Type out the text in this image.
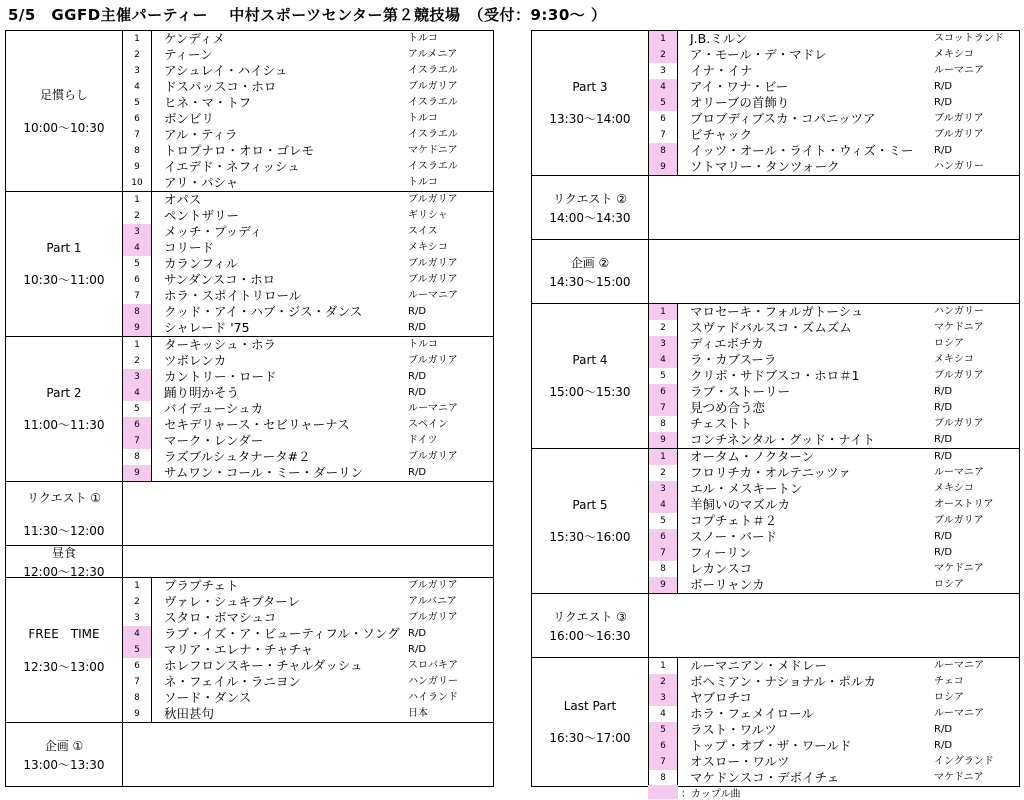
5/5　GGFD主催パーティー　 中村スポーツセンター第２競技場　（受付：9:30～ ）
足慣らし
10:00～10:30
1	ケンディメ	トルコ
2	ティーン	アルメニア
3	アシュレイ・ハイシュ	イスラエル
4	ドスパッスコ・ホロ	ブルガリア
5	ヒネ・マ・トフ	イスラエル
6	ボンビリ	トルコ
7	アル・ティラ	イスラエル
8	トロプナロ・オロ・ゴレモ	マケドニア
9	イエデド・ネフィッシュ	イスラエル
10	アリ・パシャ	トルコ
Part 1
10:30～11:00
1	オパス	ブルガリア
2	ペントザリー	ギリシャ
3	メッチ・プッディ	スイス
4	コリード	メキシコ
5	カランフィル	ブルガリア
6	サンダンスコ・ホロ	ブルガリア
7	ホラ・スポイトリロール	ルーマニア
8	クッド・アイ・ハブ・ジス・ダンス	R/D
9	シャレード '75	R/D
Part 2
11:00～11:30
1	ターキッシュ・ホラ	トルコ
2	ツボレンカ	ブルガリア
3	カントリー・ロード	R/D
4	踊り明かそう	R/D
5	バイデューシュカ	ルーマニア
6	セキデリャース・セビリャーナス	スペイン
7	マーク・レンダー	ドイツ
8	ラズブルシュタナータ#２	ブルガリア
9	サムワン・コール・ミー・ダーリン	R/D
リクエスト ①
11:30～12:00
昼食
12:00～12:30
FREE　TIME
12:30～13:00
1	ブラプチェト	ブルガリア
2	ヴァレ・シュキプターレ	アルバニア
3	スタロ・ボマシュコ	ブルガリア
4	ラブ・イズ・ア・ビューティフル・ソング R/D
5	マリア・エレナ・チャチャ	R/D
6	ホレフロンスキー・チャルダッシュ	スロバキア
7	ネ・フェイル・ラニヨン	ハンガリー
8	ソード・ダンス	ハイランド
9	秋田甚句	日本
企画 ①
13:00～13:30
Part 3
13:30～14:00
1	J.B.ミルン	スコットランド
2	ア・モール・デ・マドレ	メキシコ
3	イナ・イナ	ルーマニア
4	アイ・ワナ・ビー	R/D
5	オリーブの首飾り	R/D
6	ブロブディブスカ・コパニッツア	ブルガリア
7	ビチャック	ブルガリア
8	イッツ・オール・ライト・ウィズ・ミー	R/D
9	ソトマリー・タンツォーク	ハンガリー
リクエスト ②
14:00～14:30
企画 ②
14:30～15:00
Part 4
15:00～15:30
1	マロセーキ・フォルガトーシュ	ハンガリー
2	スヴァドバルスコ・ズムズム	マケドニア
3	ディエボチカ	ロシア
4	ラ・カブスーラ	メキシコ
5	クリボ・サドブスコ・ホロ＃1	ブルガリア
6	ラブ・ストーリー	R/D
7	見つめ合う恋	R/D
8	チェストト	ブルガリア
9	コンチネンタル・グッド・ナイト	R/D
Part 5
15:30～16:00
1	オータム・ノクターン	R/D
2	フロリチカ・オルテニッツァ	ルーマニア
3	エル・メスキートン	メキシコ
4	羊飼いのマズルカ	オーストリア
5	コプチェト＃２	ブルガリア
6	スノー・バード	R/D
7	フィーリン	R/D
8	レカンスコ	マケドニア
9	ボーリャンカ	ロシア
リクエスト ③
16:00～16:30
Last Part
16:30～17:00
1	ルーマニアン・メドレー	ルーマニア
2	ボヘミアン・ナショナル・ポルカ	チェコ
3	ヤブロチコ	ロシア
4	ホラ・フェメイロール	ルーマニア
5	ラスト・ワルツ	R/D
6	トップ・オブ・ザ・ワールド	R/D
7	オスロー・ワルツ	イングランド
8	マケドンスコ・デボイチェ	マケドニア
：カップル曲
